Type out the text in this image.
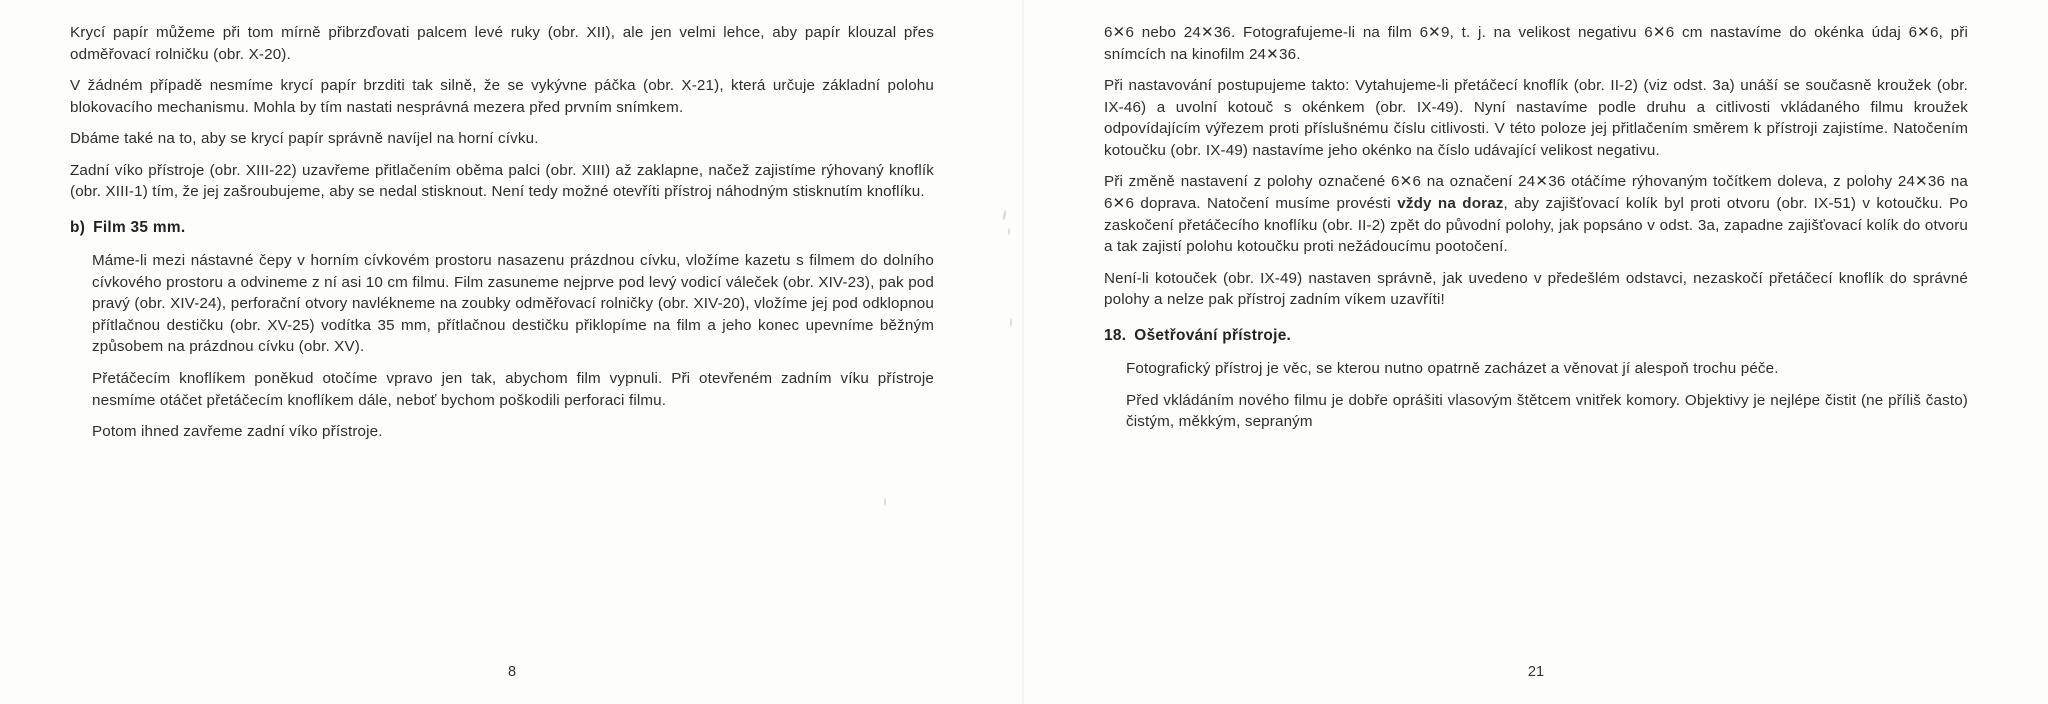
Krycí papír můžeme při tom mírně přibrzďovati palcem levé ruky (obr. XII), ale jen velmi lehce, aby papír klouzal přes odměřovací rolničku (obr. X-20).

V žádném případě nesmíme krycí papír brzditi tak silně, že se vykývne páčka (obr. X-21), která určuje základní polohu blokovacího mechanismu. Mohla by tím nastati nesprávná mezera před prvním snímkem.

Dbáme také na to, aby se krycí papír správně navíjel na horní cívku.

Zadní víko přístroje (obr. XIII-22) uzavřeme přitlačením oběma palci (obr. XIII) až zaklapne, načež zajistíme rýhovaný knoflík (obr. XIII-1) tím, že jej zašroubujeme, aby se nedal stisknout. Není tedy možné otevříti přístroj náhodným stisknutím knoflíku.

b) Film 35 mm.

Máme-li mezi nástavné čepy v horním cívkovém prostoru nasazenu prázdnou cívku, vložíme kazetu s filmem do dolního cívkového prostoru a odvineme z ní asi 10 cm filmu. Film zasuneme nejprve pod levý vodicí váleček (obr. XIV-23), pak pod pravý (obr. XIV-24), perforační otvory navlékneme na zoubky odměřovací rolničky (obr. XIV-20), vložíme jej pod odklopnou přítlačnou destičku (obr. XV-25) vodítka 35 mm, přítlačnou destičku přiklopíme na film a jeho konec upevníme běžným způsobem na prázdnou cívku (obr. XV).

Přetáčecím knoflíkem poněkud otočíme vpravo jen tak, abychom film vypnuli. Při otevřeném zadním víku přístroje nesmíme otáčet přetáčecím knoflíkem dále, neboť bychom poškodili perforaci filmu.

Potom ihned zavřeme zadní víko přístroje.

8

6✕6 nebo 24✕36. Fotografujeme-li na film 6✕9, t. j. na velikost negativu 6✕6 cm nastavíme do okénka údaj 6✕6, při snímcích na kinofilm 24✕36.

Při nastavování postupujeme takto: Vytahujeme-li přetáčecí knoflík (obr. II-2) (viz odst. 3a) unáší se současně kroužek (obr. IX-46) a uvolní kotouč s okénkem (obr. IX-49). Nyní nastavíme podle druhu a citlivosti vkládaného filmu kroužek odpovídajícím výřezem proti příslušnému číslu citlivosti. V této poloze jej přitlačením směrem k přístroji zajistíme. Natočením kotoučku (obr. IX-49) nastavíme jeho okénko na číslo udávající velikost negativu.

Při změně nastavení z polohy označené 6✕6 na označení 24✕36 otáčíme rýhovaným točítkem doleva, z polohy 24✕36 na 6✕6 doprava. Natočení musíme provésti vždy na doraz, aby zajišťovací kolík byl proti otvoru (obr. IX-51) v kotoučku. Po zaskočení přetáčecího knoflíku (obr. II-2) zpět do původní polohy, jak popsáno v odst. 3a, zapadne zajišťovací kolík do otvoru a tak zajistí polohu kotoučku proti nežádoucímu pootočení.

Není-li kotouček (obr. IX-49) nastaven správně, jak uvedeno v předešlém odstavci, nezaskočí přetáčecí knoflík do správné polohy a nelze pak přístroj zadním víkem uzavříti!

18. Ošetřování přístroje.

Fotografický přístroj je věc, se kterou nutno opatrně zacházet a věnovat jí alespoň trochu péče.

Před vkládáním nového filmu je dobře oprášiti vlasovým štětcem vnitřek komory. Objektivy je nejlépe čistit (ne příliš často) čistým, měkkým, sepraným

21
